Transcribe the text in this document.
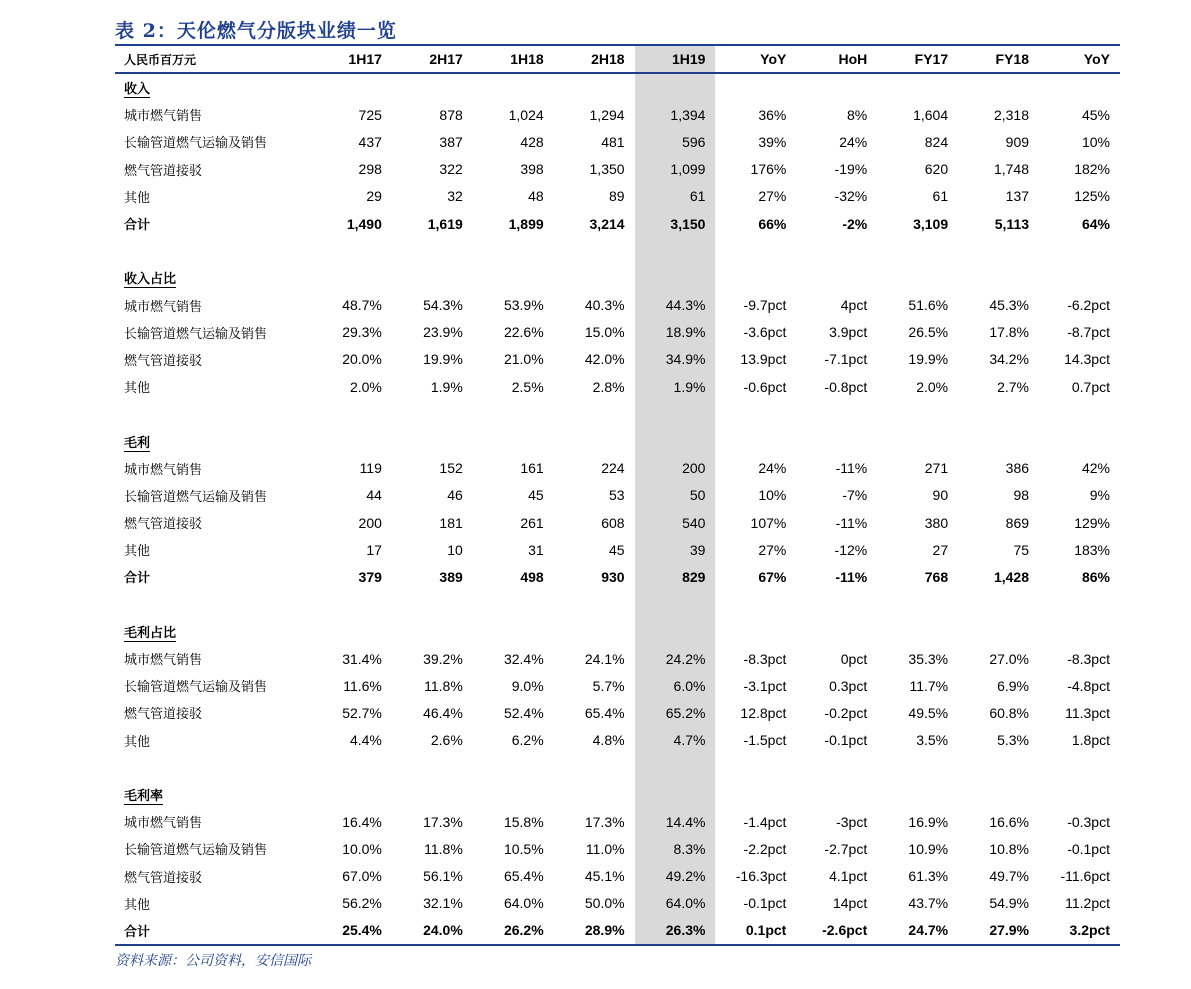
表 2：天伦燃气分版块业绩一览
人民币百万元	1H17	2H17	1H18	2H18	1H19	YoY	HoH	FY17	FY18	YoY
收入										
城市燃气销售	725	878	1,024	1,294	1,394	36%	8%	1,604	2,318	45%
长输管道燃气运输及销售	437	387	428	481	596	39%	24%	824	909	10%
燃气管道接驳	298	322	398	1,350	1,099	176%	-19%	620	1,748	182%
其他	29	32	48	89	61	27%	-32%	61	137	125%
合计	1,490	1,619	1,899	3,214	3,150	66%	-2%	3,109	5,113	64%

收入占比										
城市燃气销售	48.7%	54.3%	53.9%	40.3%	44.3%	-9.7pct	4pct	51.6%	45.3%	-6.2pct
长输管道燃气运输及销售	29.3%	23.9%	22.6%	15.0%	18.9%	-3.6pct	3.9pct	26.5%	17.8%	-8.7pct
燃气管道接驳	20.0%	19.9%	21.0%	42.0%	34.9%	13.9pct	-7.1pct	19.9%	34.2%	14.3pct
其他	2.0%	1.9%	2.5%	2.8%	1.9%	-0.6pct	-0.8pct	2.0%	2.7%	0.7pct

毛利										
城市燃气销售	119	152	161	224	200	24%	-11%	271	386	42%
长输管道燃气运输及销售	44	46	45	53	50	10%	-7%	90	98	9%
燃气管道接驳	200	181	261	608	540	107%	-11%	380	869	129%
其他	17	10	31	45	39	27%	-12%	27	75	183%
合计	379	389	498	930	829	67%	-11%	768	1,428	86%

毛利占比										
城市燃气销售	31.4%	39.2%	32.4%	24.1%	24.2%	-8.3pct	0pct	35.3%	27.0%	-8.3pct
长输管道燃气运输及销售	11.6%	11.8%	9.0%	5.7%	6.0%	-3.1pct	0.3pct	11.7%	6.9%	-4.8pct
燃气管道接驳	52.7%	46.4%	52.4%	65.4%	65.2%	12.8pct	-0.2pct	49.5%	60.8%	11.3pct
其他	4.4%	2.6%	6.2%	4.8%	4.7%	-1.5pct	-0.1pct	3.5%	5.3%	1.8pct

毛利率										
城市燃气销售	16.4%	17.3%	15.8%	17.3%	14.4%	-1.4pct	-3pct	16.9%	16.6%	-0.3pct
长输管道燃气运输及销售	10.0%	11.8%	10.5%	11.0%	8.3%	-2.2pct	-2.7pct	10.9%	10.8%	-0.1pct
燃气管道接驳	67.0%	56.1%	65.4%	45.1%	49.2%	-16.3pct	4.1pct	61.3%	49.7%	-11.6pct
其他	56.2%	32.1%	64.0%	50.0%	64.0%	-0.1pct	14pct	43.7%	54.9%	11.2pct
合计	25.4%	24.0%	26.2%	28.9%	26.3%	0.1pct	-2.6pct	24.7%	27.9%	3.2pct
资料来源：公司资料，安信国际
